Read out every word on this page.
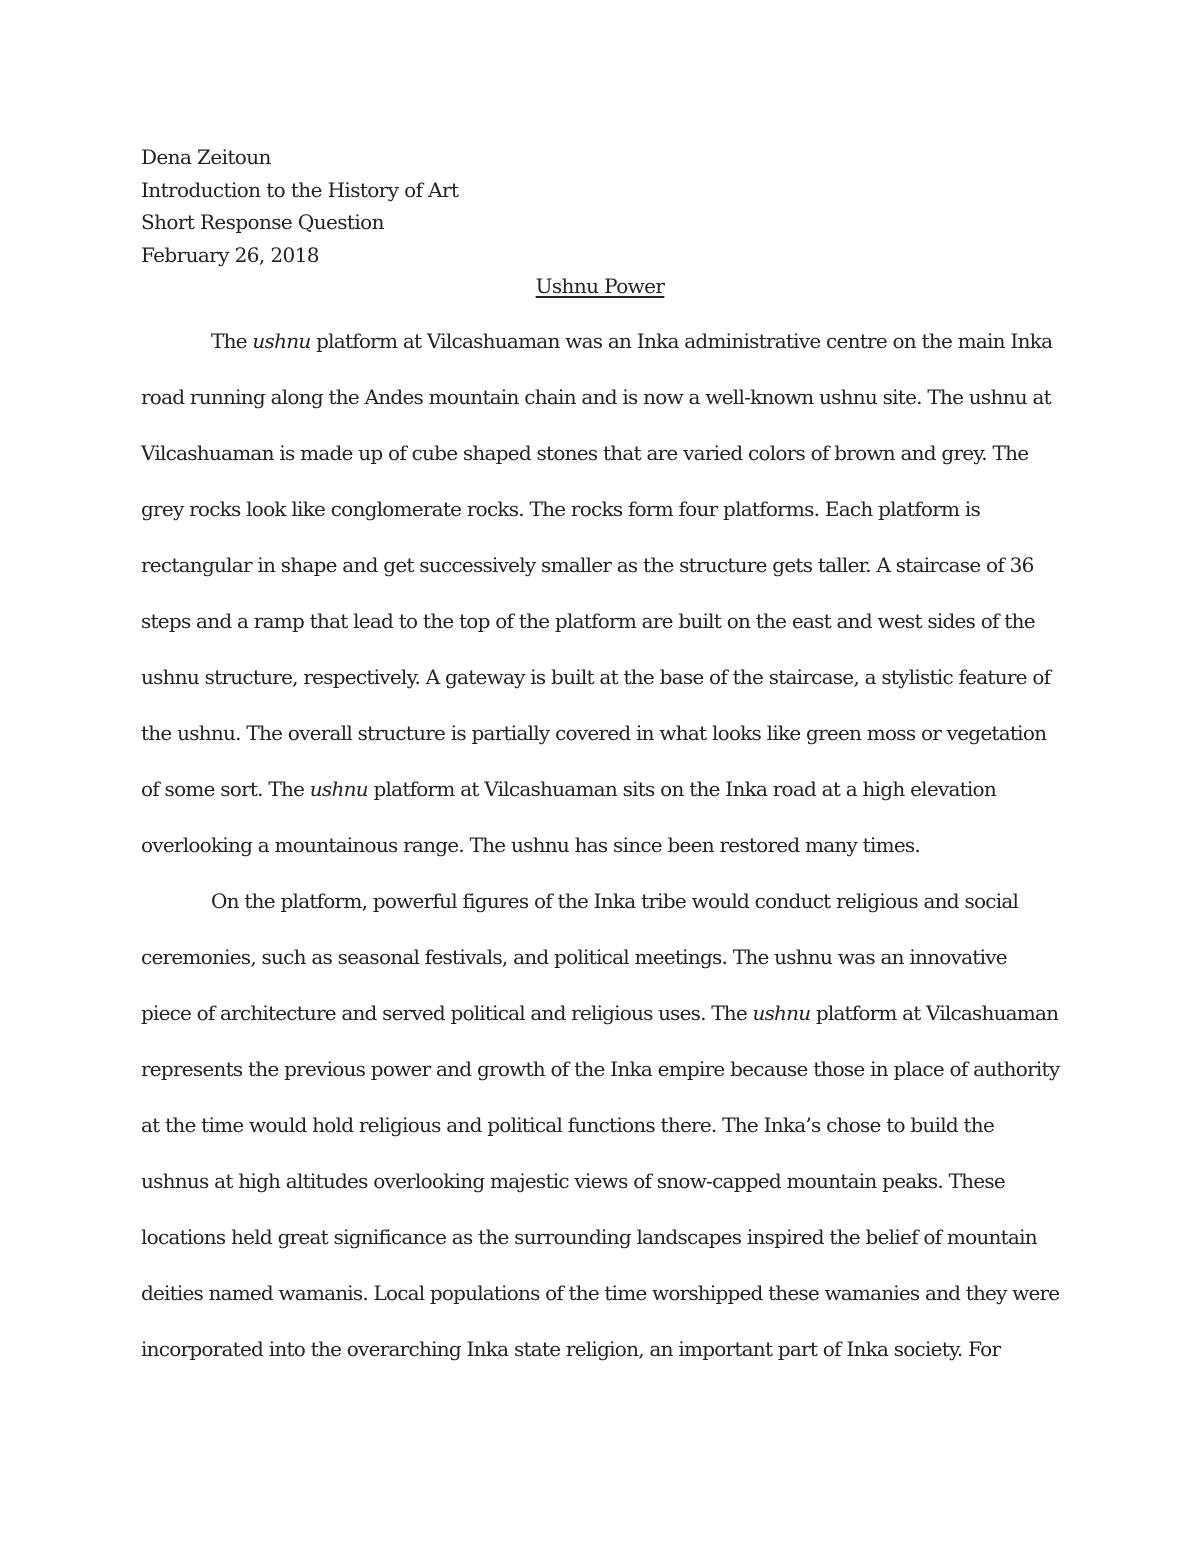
Dena Zeitoun
Introduction to the History of Art
Short Response Question
February 26, 2018
Ushnu Power
The ushnu platform at Vilcashuaman was an Inka administrative centre on the main Inka
road running along the Andes mountain chain and is now a well-known ushnu site. The ushnu at
Vilcashuaman is made up of cube shaped stones that are varied colors of brown and grey. The
grey rocks look like conglomerate rocks. The rocks form four platforms. Each platform is
rectangular in shape and get successively smaller as the structure gets taller. A staircase of 36
steps and a ramp that lead to the top of the platform are built on the east and west sides of the
ushnu structure, respectively. A gateway is built at the base of the staircase, a stylistic feature of
the ushnu. The overall structure is partially covered in what looks like green moss or vegetation
of some sort. The ushnu platform at Vilcashuaman sits on the Inka road at a high elevation
overlooking a mountainous range. The ushnu has since been restored many times.
On the platform, powerful figures of the Inka tribe would conduct religious and social
ceremonies, such as seasonal festivals, and political meetings. The ushnu was an innovative
piece of architecture and served political and religious uses. The ushnu platform at Vilcashuaman
represents the previous power and growth of the Inka empire because those in place of authority
at the time would hold religious and political functions there. The Inka’s chose to build the
ushnus at high altitudes overlooking majestic views of snow-capped mountain peaks. These
locations held great significance as the surrounding landscapes inspired the belief of mountain
deities named wamanis. Local populations of the time worshipped these wamanies and they were
incorporated into the overarching Inka state religion, an important part of Inka society. For
